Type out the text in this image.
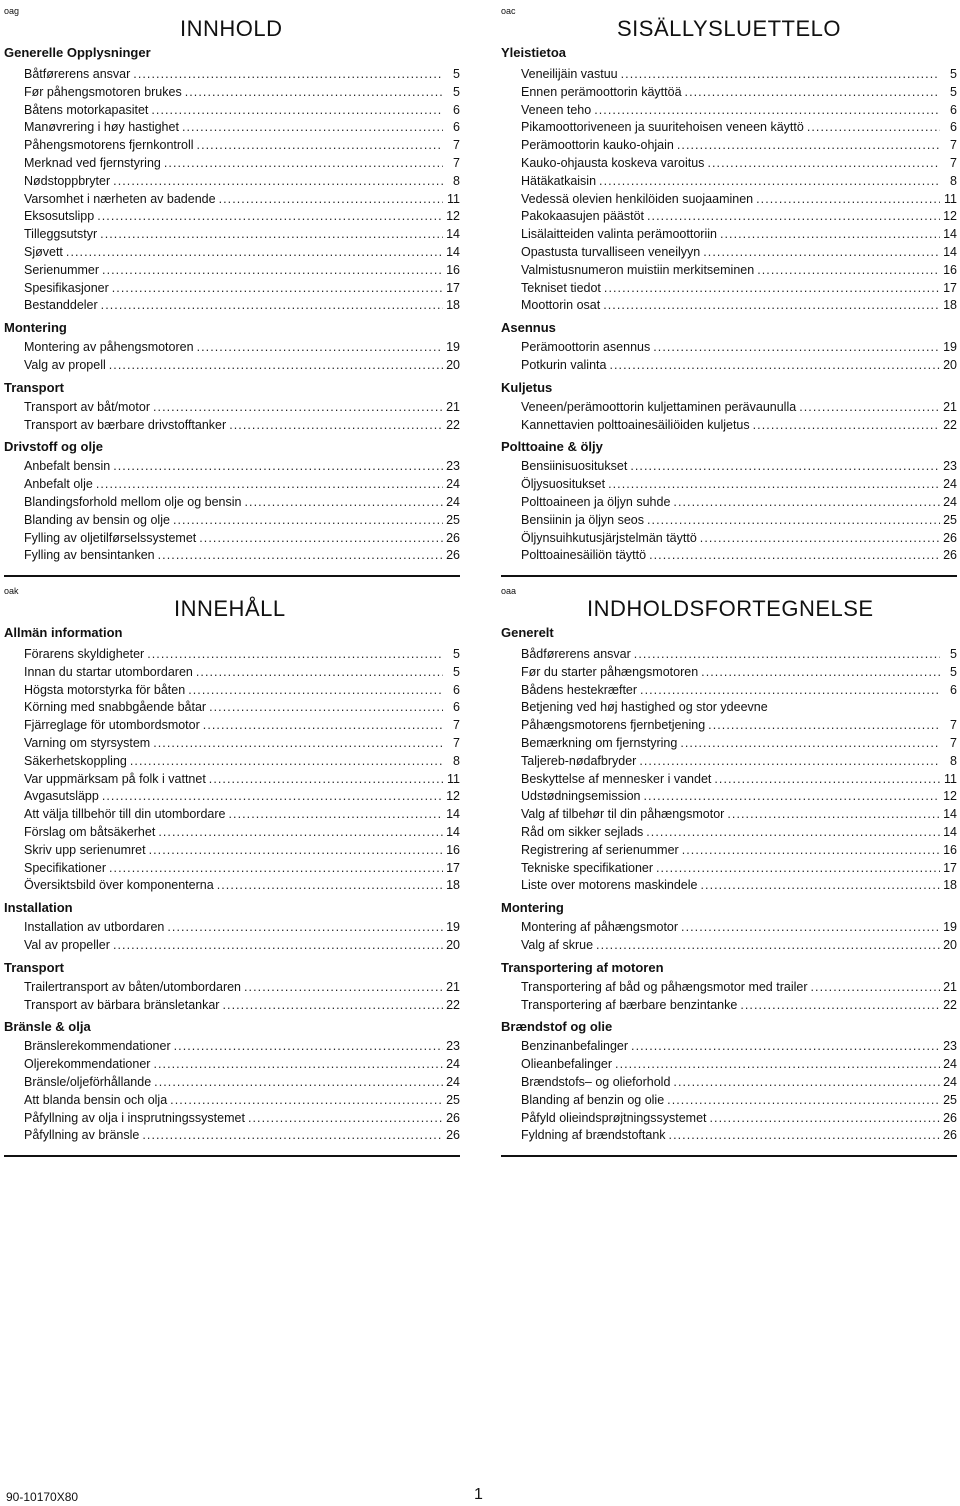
oag
INNHOLD
Generelle Opplysninger
Båtførerens ansvar . . .	5
Før påhengsmotoren brukes . . .	5
Båtens motorkapasitet . . .	6
Manøvrering i høy hastighet . . .	6
Påhengsmotorens fjernkontroll . . .	7
Merknad ved fjernstyring . . .	7
Nødstoppbryter . . .	8
Varsomhet i nærheten av badende . . .	11
Eksosutslipp . . .	12
Tilleggsutstyr . . .	14
Sjøvett . . .	14
Serienummer . . .	16
Spesifikasjoner . . .	17
Bestanddeler . . .	18
Montering
Montering av påhengsmotoren . . .	19
Valg av propell . . .	20
Transport
Transport av båt/motor . . .	21
Transport av bærbare drivstofftanker . . .	22
Drivstoff og olje
Anbefalt bensin . . .	23
Anbefalt olje . . .	24
Blandingsforhold mellom olje og bensin . . .	24
Blanding av bensin og olje . . .	25
Fylling av oljetilførselssystemet . . .	26
Fylling av bensintanken . . .	26
oac
SISÄLLYSLUETTELO
Yleistietoa
Veneilijäin vastuu . . .	5
Ennen perämoottorin käyttöä . . .	5
Veneen teho . . .	6
Pikamoottoriveneen ja suuritehoisen veneen käyttö . . .	6
Perämoottorin kauko-ohjain . . .	7
Kauko-ohjausta koskeva varoitus . . .	7
Hätäkatkaisin . . .	8
Vedessä olevien henkilöiden suojaaminen . . .	11
Pakokaasujen päästöt . . .	12
Lisälaitteiden valinta perämoottoriin . . .	14
Opastusta turvalliseen veneilyyn . . .	14
Valmistusnumeron muistiin merkitseminen . . .	16
Tekniset tiedot . . .	17
Moottorin osat . . .	18
Asennus
Perämoottorin asennus . . .	19
Potkurin valinta . . .	20
Kuljetus
Veneen/perämoottorin kuljettaminen perävaunulla . . .	21
Kannettavien polttoainesäiliöiden kuljetus . . .	22
Polttoaine & öljy
Bensiinisuositukset . . .	23
Öljysuositukset . . .	24
Polttoaineen ja öljyn suhde . . .	24
Bensiinin ja öljyn seos . . .	25
Öljynsuihkutusjärjstelmän täyttö . . .	26
Polttoainesäiliön täyttö . . .	26
oak
INNEHÅLL
Allmän information
Förarens skyldigheter . . .	5
Innan du startar utombordaren . . .	5
Högsta motorstyrka för båten . . .	6
Körning med snabbgående båtar . . .	6
Fjärreglage för utombordsmotor . . .	7
Varning om styrsystem . . .	7
Säkerhetskoppling . . .	8
Var uppmärksam på folk i vattnet . . .	11
Avgasutsläpp . . .	12
Att välja tillbehör till din utombordare . . .	14
Förslag om båtsäkerhet . . .	14
Skriv upp serienumret . . .	16
Specifikationer . . .	17
Översiktsbild över komponenterna . . .	18
Installation
Installation av utbordaren . . .	19
Val av propeller . . .	20
Transport
Trailertransport av båten/utombordaren . . .	21
Transport av bärbara bränsletankar . . .	22
Bränsle & olja
Bränslerekommendationer . . .	23
Oljerekommendationer . . .	24
Bränsle/oljeförhållande . . .	24
Att blanda bensin och olja . . .	25
Påfyllning av olja i insprutningssystemet . . .	26
Påfyllning av bränsle . . .	26
oaa
INDHOLDSFORTEGNELSE
Generelt
Bådførerens ansvar . . .	5
Før du starter påhængsmotoren . . .	5
Bådens hestekræfter . . .	6
Betjening ved høj hastighed og stor ydeevne
Påhængsmotorens fjernbetjening . . .	7
Bemærkning om fjernstyring . . .	7
Taljereb-nødafbryder . . .	8
Beskyttelse af mennesker i vandet . . .	11
Udstødningsemission . . .	12
Valg af tilbehør til din påhængsmotor . . .	14
Råd om sikker sejlads . . .	14
Registrering af serienummer . . .	16
Tekniske specifikationer . . .	17
Liste over motorens maskindele . . .	18
Montering
Montering af påhængsmotor . . .	19
Valg af skrue . . .	20
Transportering af motoren
Transportering af båd og påhængsmotor med trailer . . .	21
Transportering af bærbare benzintanke . . .	22
Brændstof og olie
Benzinanbefalinger . . .	23
Olieanbefalinger . . .	24
Brændstofs– og olieforhold . . .	24
Blanding af benzin og olie . . .	25
Påfyld olieindsprøjtningssystemet . . .	26
Fyldning af brændstoftank . . .	26
90-10170X80	1
